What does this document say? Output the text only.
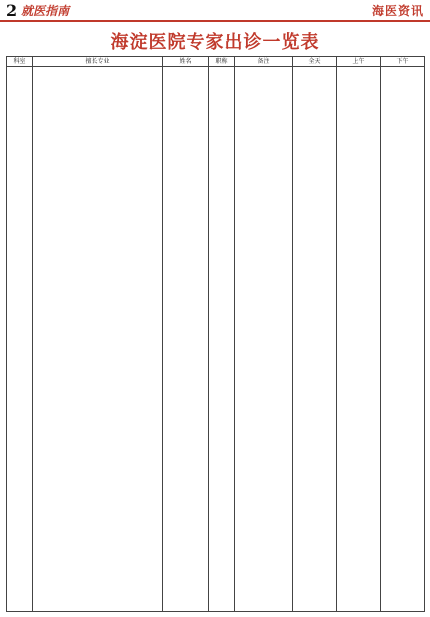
2 就医指南	海医资讯
海淀医院专家出诊一览表
科室	擅长专业	姓名	职称	备注	全天	上午	下午
